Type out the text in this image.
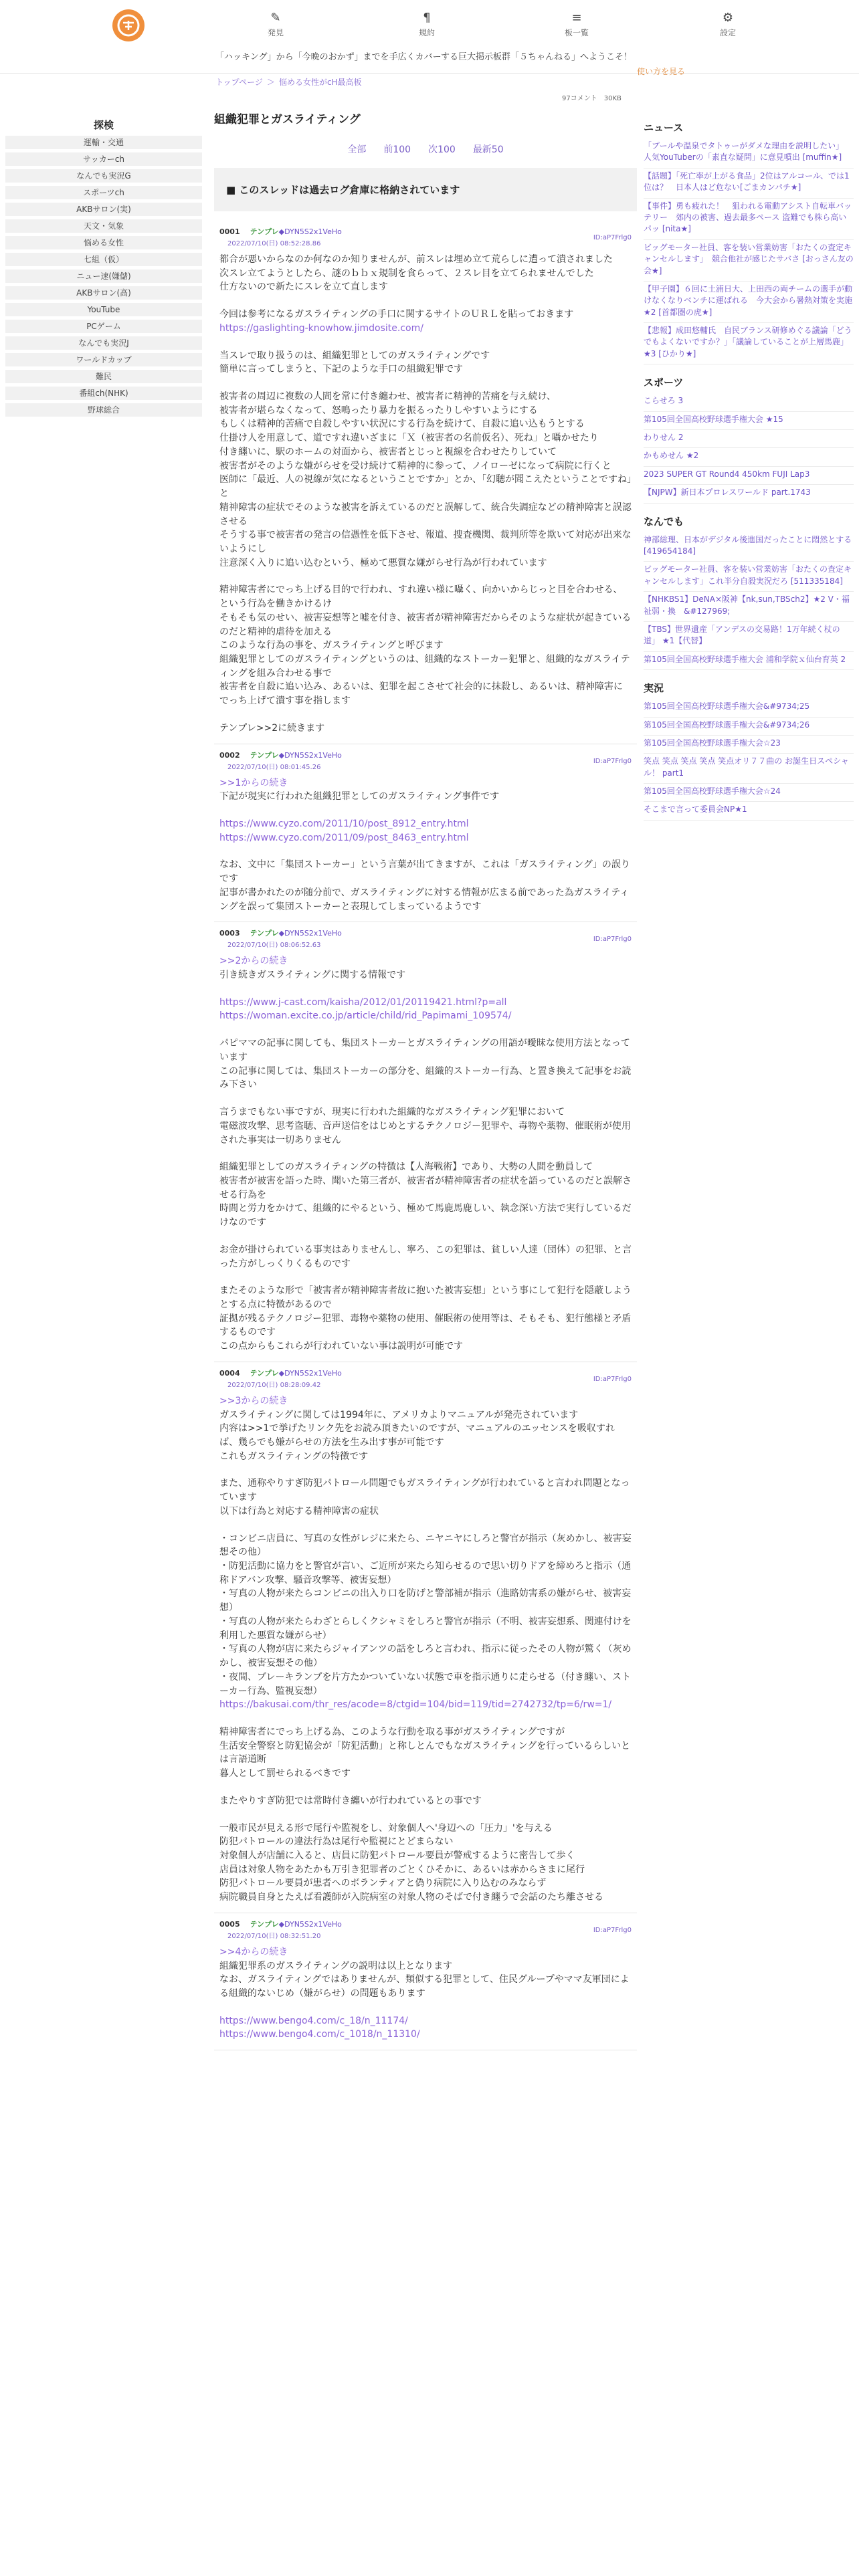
✎
発見
¶
規約
≡
板一覧
⚙
設定
「ハッキング」から「今晩のおかず」までを手広くカバーする巨大掲示板群「５ちゃんねる」へようこそ！
トップページ ＞ 悩める女性がcH最高板
使い方を見る
97コメント　 30KB
探検
運輸・交通
サッカーch
なんでも実況G
スポーツch
AKBサロン(実)
天文・気象
悩める女性
七組（仮）
ニュー速(嫌儲)
AKBサロン(高)
YouTube
PCゲーム
なんでも実況J
ワールドカップ
難民
番組ch(NHK)
野球総合
組織犯罪とガスライティング
全部 前100 次100 最新50
■ このスレッドは過去ログ倉庫に格納されています
0001　 テンプレ◆DYN5S2x1VeHo
2022/07/10(日) 08:52:28.86
ID:aP7Frlg0
都合が悪いからなのか何なのか知りませんが、前スレは埋め立て荒らしに遭って潰されました
次スレ立てようとしたら、謎のｂｂｘ規制を食らって、２スレ目を立てられませんでした
仕方ないので新たにスレを立て直します
今回は参考になるガスライティングの手口に関するサイトのＵＲＬを貼っておきます
https://gaslighting-knowhow.jimdosite.com/
当スレで取り扱うのは、組織犯罪としてのガスライティングです
簡単に言ってしまうと、下記のような手口の組織犯罪です
被害者の周辺に複数の人間を常に付き纏わせ、被害者に精神的苦痛を与え続け、
被害者が堪らなくなって、怒鳴ったり暴力を振るったりしやすいようにする
もしくは精神的苦痛で自殺しやすい状況にする行為を続けて、自殺に追い込もうとする
仕掛け人を用意して、道ですれ違いざまに「Ｘ（被害者の名前仮名）、死ね」と囁かせたり
付き纏いに、駅のホームの対面から、被害者とじっと視線を合わせたりしていて
被害者がそのような嫌がらせを受け続けて精神的に参って、ノイローゼになって病院に行くと
医師に「最近、人の視線が気になるということですか」とか、「幻聴が聞こえたということですね」と
精神障害の症状でそのような被害を訴えているのだと誤解して、統合失調症などの精神障害と誤認させる
そうする事で被害者の発言の信憑性を低下させ、報道、捜査機関、裁判所等を欺いて対応が出来ないようにし
注意深く入りに追い込むという、極めて悪質な嫌がらせ行為が行われています
精神障害者にでっち上げる目的で行われ、すれ違い様に囁く、向かいからじっと目を合わせる、という行為を働きかけるけ
そもそも気のせい、被害妄想等と嘘を付き、被害者が精神障害だからそのような症状が起きているのだと精神的虐待を加える
このような行為の事を、ガスライティングと呼びます
組織犯罪としてのガスライティングというのは、組織的なストーカー犯罪と、組織的なガスライティングを組み合わせる事で
被害者を自殺に追い込み、あるいは、犯罪を起こさせて社会的に抹殺し、あるいは、精神障害にでっち上げて潰す事を指します
テンプレ>>2に続きます
0002　 テンプレ◆DYN5S2x1VeHo
2022/07/10(日) 08:01:45.26
ID:aP7Frlg0
>>1からの続き
下記が現実に行われた組織犯罪としてのガスライティング事件です
https://www.cyzo.com/2011/10/post_8912_entry.html
https://www.cyzo.com/2011/09/post_8463_entry.html
なお、文中に「集団ストーカー」という言葉が出てきますが、これは「ガスライティング」の誤りです
記事が書かれたのが随分前で、ガスライティングに対する情報が広まる前であった為ガスライティングを誤って集団ストーカーと表現してしまっているようです
0003　 テンプレ◆DYN5S2x1VeHo
2022/07/10(日) 08:06:52.63
ID:aP7Frlg0
>>2からの続き
引き続きガスライティングに関する情報です
https://www.j-cast.com/kaisha/2012/01/20119421.html?p=all
https://woman.excite.co.jp/article/child/rid_Papimami_109574/
パピママの記事に関しても、集団ストーカーとガスライティングの用語が曖昧な使用方法となっています
この記事に関しては、集団ストーカーの部分を、組織的ストーカー行為、と置き換えて記事をお読み下さい
言うまでもない事ですが、現実に行われた組織的なガスライティング犯罪において
電磁波攻撃、思考盗聴、音声送信をはじめとするテクノロジー犯罪や、毒物や薬物、催眠術が使用された事実は一切ありません
組織犯罪としてのガスライティングの特徴は【人海戦術】であり、大勢の人間を動員して
被害者が被害を語った時、聞いた第三者が、被害者が精神障害者の症状を語っているのだと誤解させる行為を
時間と労力をかけて、組織的にやるという、極めて馬鹿馬鹿しい、執念深い方法で実行しているだけなのです
お金が掛けられている事実はありませんし、寧ろ、この犯罪は、貧しい人達（団体）の犯罪、と言った方がしっくりくるものです
またそのような形で「被害者が精神障害者故に抱いた被害妄想」という事にして犯行を隠蔽しようとする点に特徴があるので
証拠が残るテクノロジー犯罪、毒物や薬物の使用、催眠術の使用等は、そもそも、犯行態様と矛盾するものです
この点からもこれらが行われていない事は説明が可能です
0004　 テンプレ◆DYN5S2x1VeHo
2022/07/10(日) 08:28:09.42
ID:aP7Frlg0
>>3からの続き
ガスライティングに関しては1994年に、アメリカよりマニュアルが発売されています
内容は>>1で挙げたリンク先をお読み頂きたいのですが、マニュアルのエッセンスを吸収すれば、幾らでも嫌がらせの方法を生み出す事が可能です
これもガスライティングの特徴です
また、通称やりすぎ防犯パトロール問題でもガスライティングが行われていると言われ問題となっています
以下は行為と対応する精神障害の症状
・コンビニ店員に、写真の女性がレジに来たら、ニヤニヤにしろと警官が指示（灰めかし、被害妄想その他）
・防犯活動に協力をと警官が言い、ご近所が来たら知らせるので思い切りドアを締めろと指示（通称ドアバン攻撃、騒音攻撃等、被害妄想）
・写真の人物が来たらコンビニの出入り口を防げと警部補が指示（進路妨害系の嫌がらせ、被害妄想）
・写真の人物が来たらわざとらしくクシャミをしろと警官が指示（不明、被害妄想系、関連付けを利用した悪質な嫌がらせ）
・写真の人物が店に来たらジャイアンツの話をしろと言われ、指示に従ったその人物が驚く（灰めかし、被害妄想その他）
・夜間、ブレーキランプを片方たかついていない状態で車を指示通りに走らせる（付き纏い、ストーカー行為、監視妄想）
https://bakusai.com/thr_res/acode=8/ctgid=104/bid=119/tid=2742732/tp=6/rw=1/
精神障害者にでっち上げる為、このような行動を取る事がガスライティングですが
生活安全警察と防犯協会が「防犯活動」と称しとんでもなガスライティングを行っているらしいとは言語道断
暮人として罰せられるべきです
またやりすぎ防犯では常時付き纏いが行われているとの事です
一般市民が見える形で尾行や監視をし、対象個人へ'身辺への「圧力」'を与える
防犯パトロールの違法行為は尾行や監視にとどまらない
対象個人が店舗に入ると、店員に防犯パトロール要員が警戒するように密告して歩く
店員は対象人物をあたかも万引き犯罪者のごとくひそかに、あるいは赤からさまに尾行
防犯パトロール要員が患者へのボランティアと偽り病院に入り込むのみならず
病院職員自身とたえば看護師が入院病室の対象人物のそばで付き纏うで会話のたち離させる
0005　 テンプレ◆DYN5S2x1VeHo
2022/07/10(日) 08:32:51.20
ID:aP7Frlg0
>>4からの続き
組織犯罪系のガスライティングの説明は以上となります
なお、ガスライティングではありませんが、類似する犯罪として、住民グループやママ友軍団による組織的ないじめ（嫌がらせ）の問題もあります
https://www.bengo4.com/c_18/n_11174/
https://www.bengo4.com/c_1018/n_11310/
ニュース
「プールや温泉でタトゥーがダメな理由を説明したい」　人気YouTuberの「素直な疑問」に意見噴出 [muffin★]
【話題】「死亡率が上がる食品」2位はアルコール、では1位は？　日本人はど危ない[ごまカンパチ★]
【事件】勇も疲れた！　狙われる電動アシスト自転車バッテリー　郊内の被害、過去最多ペース 盗難でも株ら高いパッ [nita★]
ビッグモーター社員、客を装い営業妨害「おたくの査定キャンセルします」　競合他社が感じたサバさ [おっさん友の会★]
【甲子園】６回に土浦日大、上田西の両チームの選手が動けなくなりベンチに運ばれる　今大会から暑熱対策を実施 ★2 [首都圏の虎★]
【悲報】成田悠輔氏　自民ブランス研修めぐる議論「どうでもよくないですか？」「議論していることが上層馬鹿」★3 [ひかり★]
スポーツ
こらせろ 3
第105回全国高校野球選手権大会 ★15
わりせん 2
かもめせん ★2
2023 SUPER GT Round4 450km FUJI Lap3
【NJPW】新日本プロレスワールド part.1743
なんでも
神部総理、日本がデジタル後進国だったことに悶然とする [419654184]
ビッグモーター社員、客を装い営業妨害「おたくの査定キャンセルします」これ半分自殺実況だろ [511335184]
【NHKBS1】DeNA×阪神【nk,sun,TBSch2】★2 V・福祉弱・換　&#127969;
【TBS】世界遺産「アンデスの交易路！1万年続く杖の道」 ★1【代替】
第105回全国高校野球選手権大会 浦和学院ｘ仙台育英 2
実況
第105回全国高校野球選手権大会&#9734;25
第105回全国高校野球選手権大会&#9734;26
第105回全国高校野球選手権大会☆23
笑点 笑点 笑点 笑点 笑点オリ７７曲の お誕生日スペシャル！ part1
第105回全国高校野球選手権大会☆24
そこまで言って委員会NP★1
